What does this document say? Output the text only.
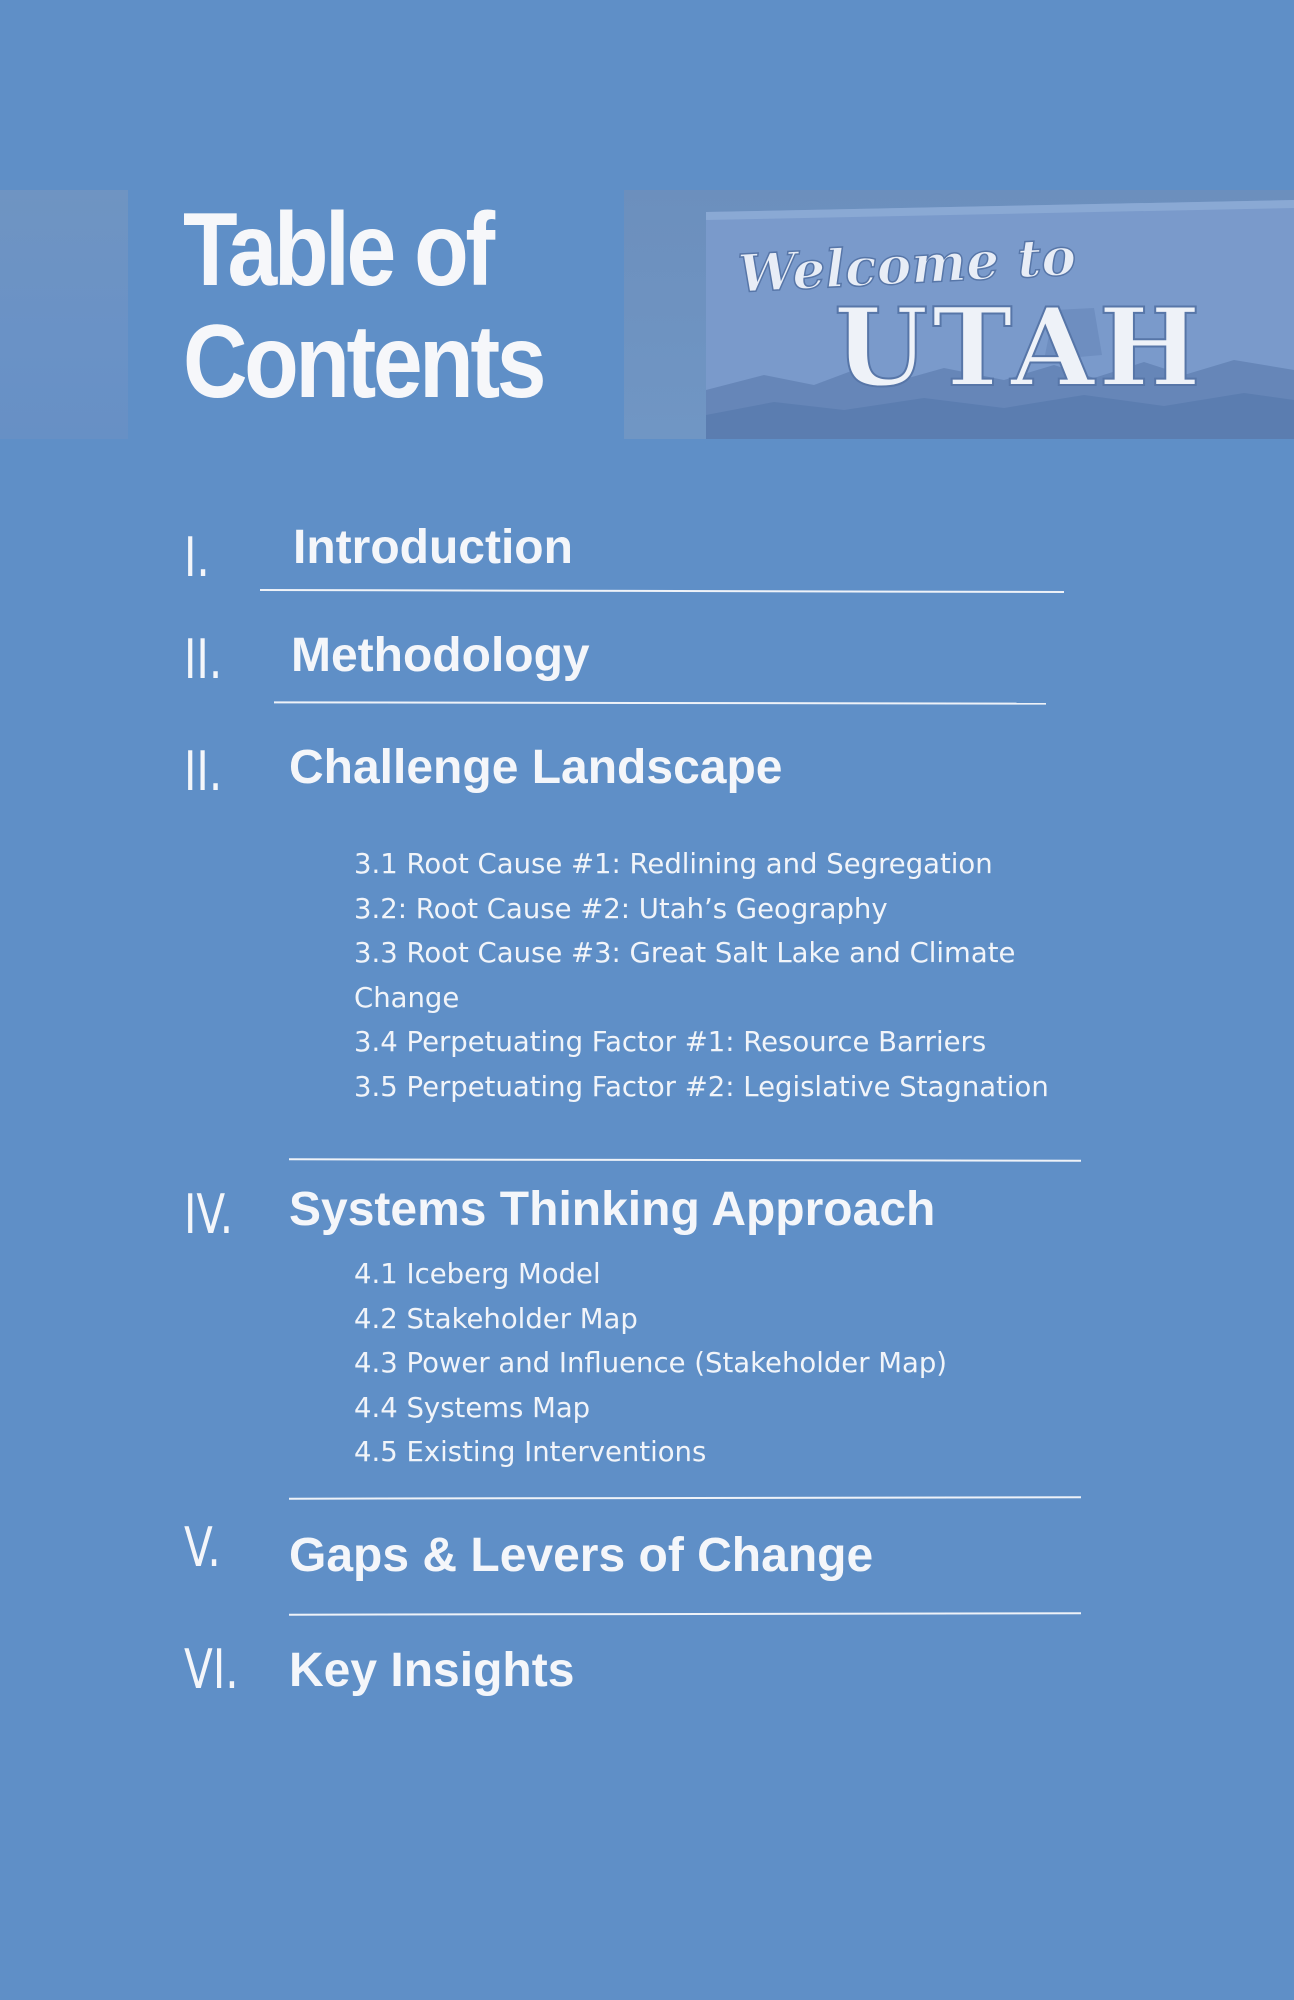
Welcome to
UTAH
Table of
Contents
I. Introduction
II. Methodology
II. Challenge Landscape
3.1 Root Cause #1: Redlining and Segregation
3.2: Root Cause #2: Utah’s Geography
3.3 Root Cause #3: Great Salt Lake and Climate Change
3.4 Perpetuating Factor #1: Resource Barriers
3.5 Perpetuating Factor #2: Legislative Stagnation
IV. Systems Thinking Approach
4.1 Iceberg Model
4.2 Stakeholder Map
4.3 Power and Influence (Stakeholder Map)
4.4 Systems Map
4.5 Existing Interventions
V. Gaps & Levers of Change
VI. Key Insights
